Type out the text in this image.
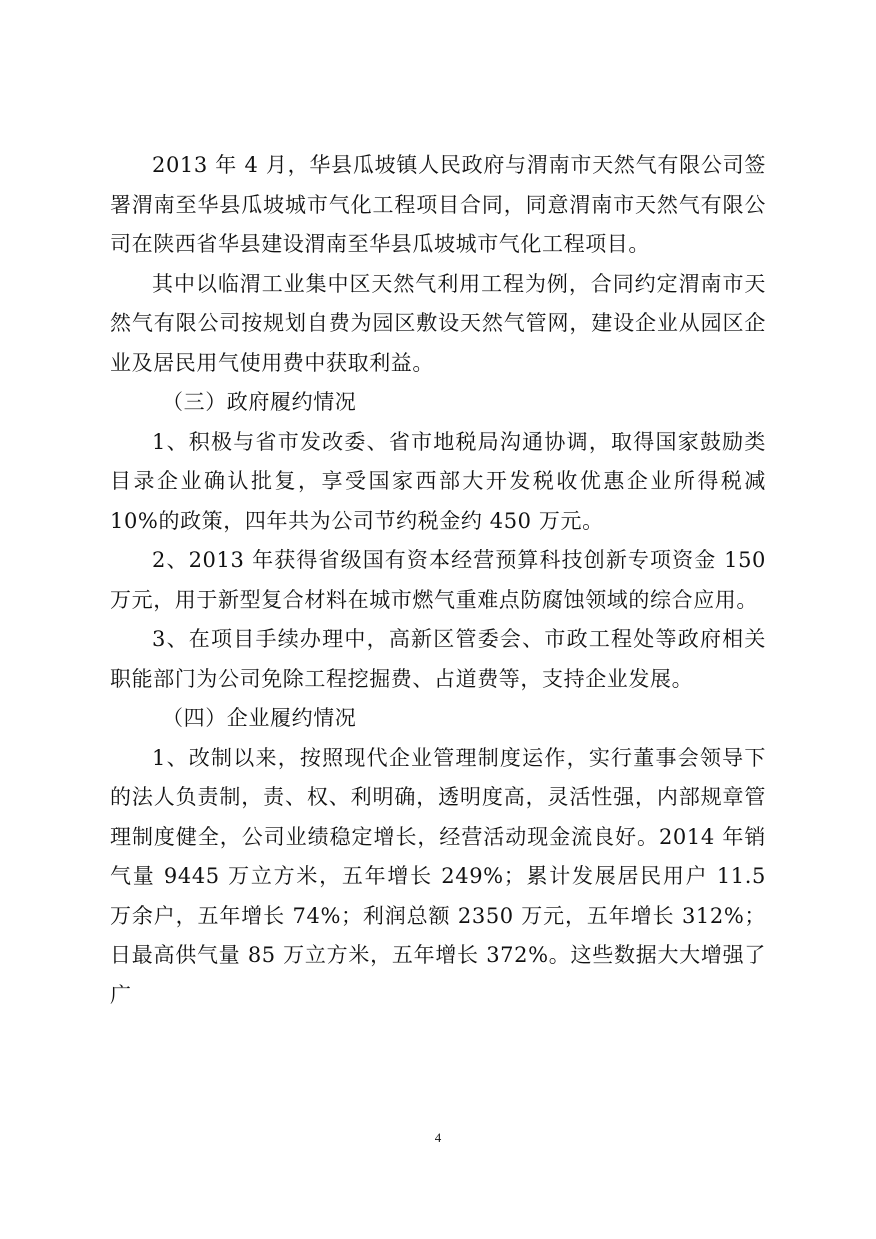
2013 年 4 月，华县瓜坡镇人民政府与渭南市天然气有限公司签署渭南至华县瓜坡城市气化工程项目合同，同意渭南市天然气有限公司在陕西省华县建设渭南至华县瓜坡城市气化工程项目。

其中以临渭工业集中区天然气利用工程为例，合同约定渭南市天然气有限公司按规划自费为园区敷设天然气管网，建设企业从园区企业及居民用气使用费中获取利益。

（三）政府履约情况

1、积极与省市发改委、省市地税局沟通协调，取得国家鼓励类目录企业确认批复，享受国家西部大开发税收优惠企业所得税减 10%的政策，四年共为公司节约税金约 450 万元。

2、2013 年获得省级国有资本经营预算科技创新专项资金 150 万元，用于新型复合材料在城市燃气重难点防腐蚀领域的综合应用。

3、在项目手续办理中，高新区管委会、市政工程处等政府相关职能部门为公司免除工程挖掘费、占道费等，支持企业发展。

（四）企业履约情况

1、改制以来，按照现代企业管理制度运作，实行董事会领导下的法人负责制，责、权、利明确，透明度高，灵活性强，内部规章管理制度健全，公司业绩稳定增长，经营活动现金流良好。2014 年销气量 9445 万立方米，五年增长 249%；累计发展居民用户 11.5 万余户，五年增长 74%；利润总额 2350 万元，五年增长 312%；日最高供气量 85 万立方米，五年增长 372%。这些数据大大增强了广

4
